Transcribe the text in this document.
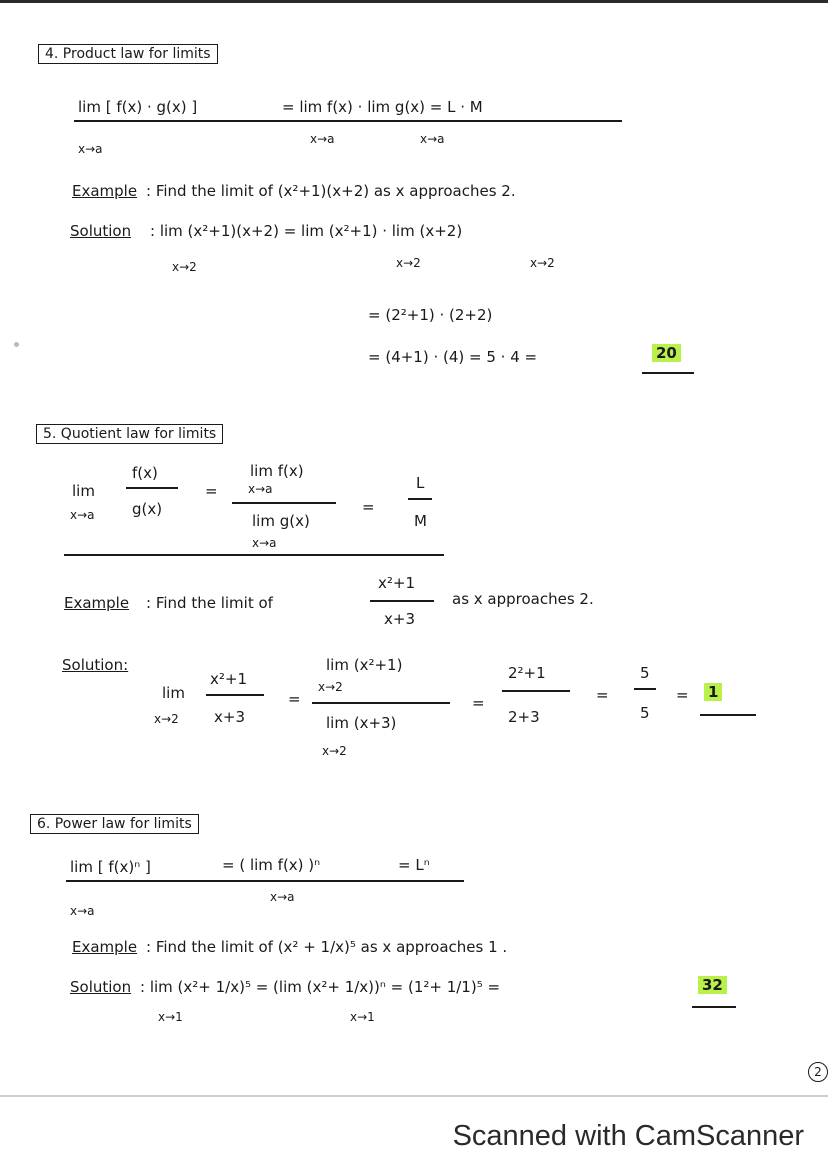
4. Product law for limits
lim [ f(x) · g(x) ]	= lim f(x) · lim g(x) = L · M
x→a
x→a	x→a
Example : Find the limit of (x²+1)(x+2) as x approaches 2.
Solution : lim (x²+1)(x+2) = lim (x²+1) · lim (x+2)
x→2	x→2	x→2
= (2²+1) · (2+2)
= (4+1) · (4) = 5 · 4 =	20
5. Quotient law for limits
lim
x→a
f(x)
g(x)
=
lim f(x)
x→a
lim g(x)
x→a
=
L
M
Example : Find the limit of
x²+1
x+3
as x approaches 2.
Solution:
lim
x→2
x²+1
x+3
=
lim (x²+1)
x→2
lim (x+3)
x→2
=
2²+1
2+3
=
5
5
= 1
6. Power law for limits
lim [ f(x)ⁿ ]	= ( lim f(x) )ⁿ	= Lⁿ
x→a
x→a
Example : Find the limit of (x² + 1/x)⁵ as x approaches 1 .
Solution : lim (x²+ 1/x)⁵ = (lim (x²+ 1/x))ⁿ = (1²+ 1/1)⁵ =	32
x→1	x→1
2
Scanned with CamScanner
